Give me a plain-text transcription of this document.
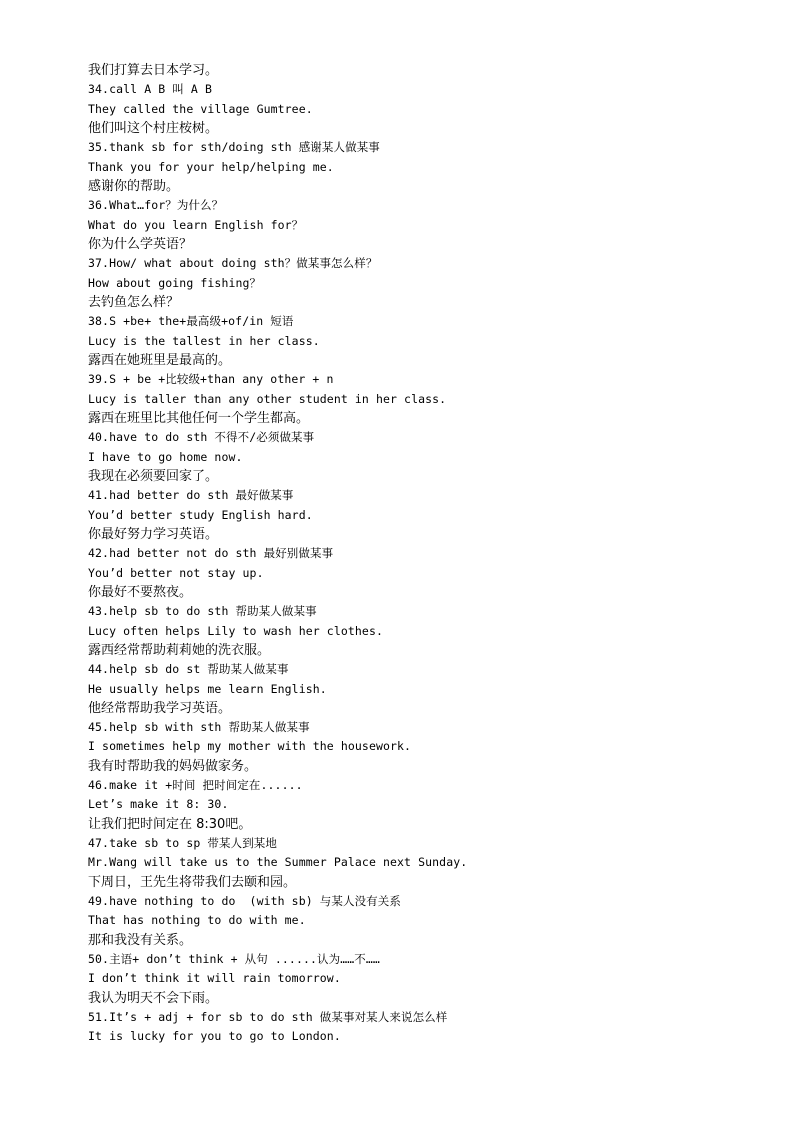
我们打算去日本学习。
34.call A B 叫 A B
They called the village Gumtree.
他们叫这个村庄桉树。
35.thank sb for sth/doing sth 感谢某人做某事
Thank you for your help/helping me.
感谢你的帮助。
36.What…for？为什么？
What do you learn English for？
你为什么学英语？
37.How/ what about doing sth？做某事怎么样？
How about going fishing？
去钓鱼怎么样？
38.S +be+ the+最高级+of/in 短语
Lucy is the tallest in her class.
露西在她班里是最高的。
39.S + be +比较级+than any other + n
Lucy is taller than any other student in her class.
露西在班里比其他任何一个学生都高。
40.have to do sth 不得不/必须做某事
I have to go home now.
我现在必须要回家了。
41.had better do sth 最好做某事
You’d better study English hard.
你最好努力学习英语。
42.had better not do sth 最好别做某事
You’d better not stay up.
你最好不要熬夜。
43.help sb to do sth 帮助某人做某事
Lucy often helps Lily to wash her clothes.
露西经常帮助莉莉她的洗衣服。
44.help sb do st 帮助某人做某事
He usually helps me learn English.
他经常帮助我学习英语。
45.help sb with sth 帮助某人做某事
I sometimes help my mother with the housework.
我有时帮助我的妈妈做家务。
46.make it +时间 把时间定在......
Let’s make it 8: 30.
让我们把时间定在 8:30吧。
47.take sb to sp 带某人到某地
Mr.Wang will take us to the Summer Palace next Sunday.
下周日，王先生将带我们去颐和园。
49.have nothing to do  (with sb) 与某人没有关系
That has nothing to do with me.
那和我没有关系。
50.主语+ don’t think + 从句 ......认为……不……
I don’t think it will rain tomorrow.
我认为明天不会下雨。
51.It’s + adj + for sb to do sth 做某事对某人来说怎么样
It is lucky for you to go to London.
